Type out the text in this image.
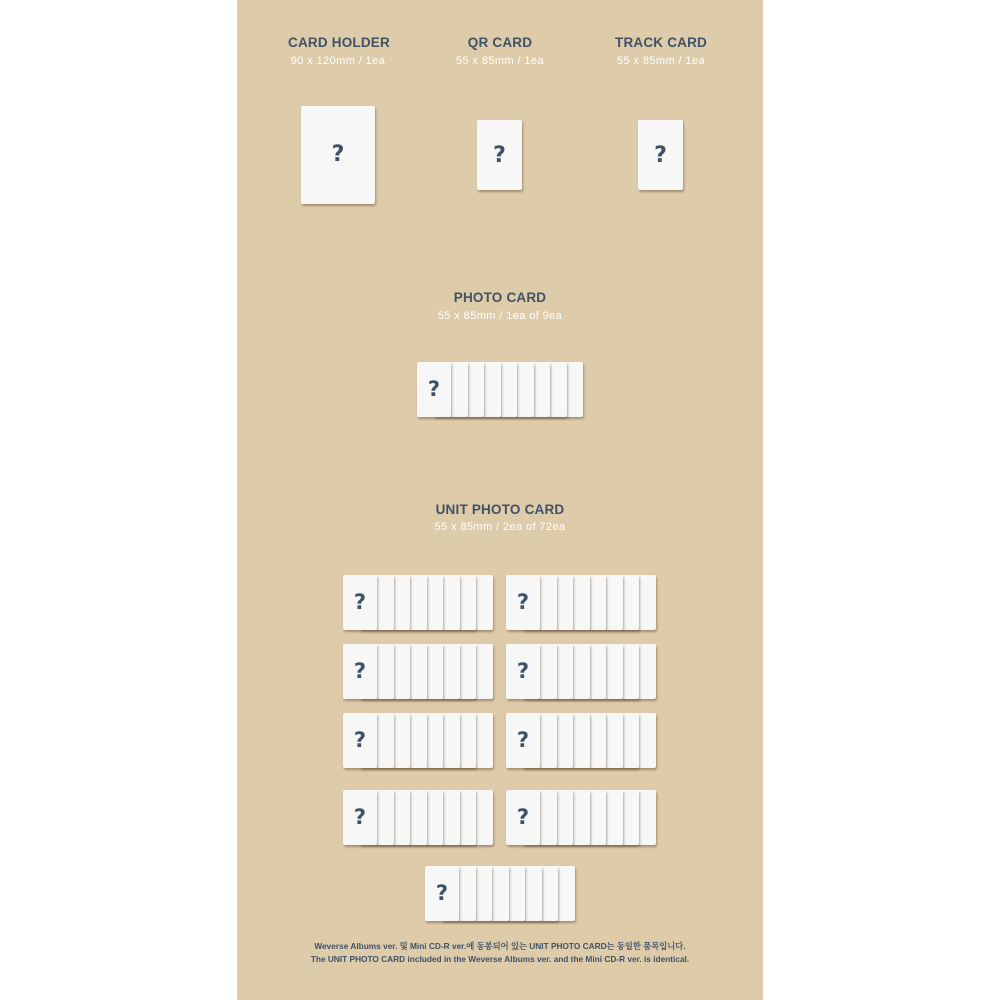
CARD HOLDER
90 x 120mm / 1ea
QR CARD
55 x 85mm / 1ea
TRACK CARD
55 x 85mm / 1ea
?	?	?
PHOTO CARD
55 x 85mm / 1ea of 9ea
?
UNIT PHOTO CARD
55 x 85mm / 2ea of 72ea
?	?
?	?
?	?
?	?
?
Weverse Albums ver. 및 Mini CD-R ver.에 동봉되어 있는 UNIT PHOTO CARD는 동일한 품목입니다.
The UNIT PHOTO CARD included in the Weverse Albums ver. and the Mini CD-R ver. is identical.
